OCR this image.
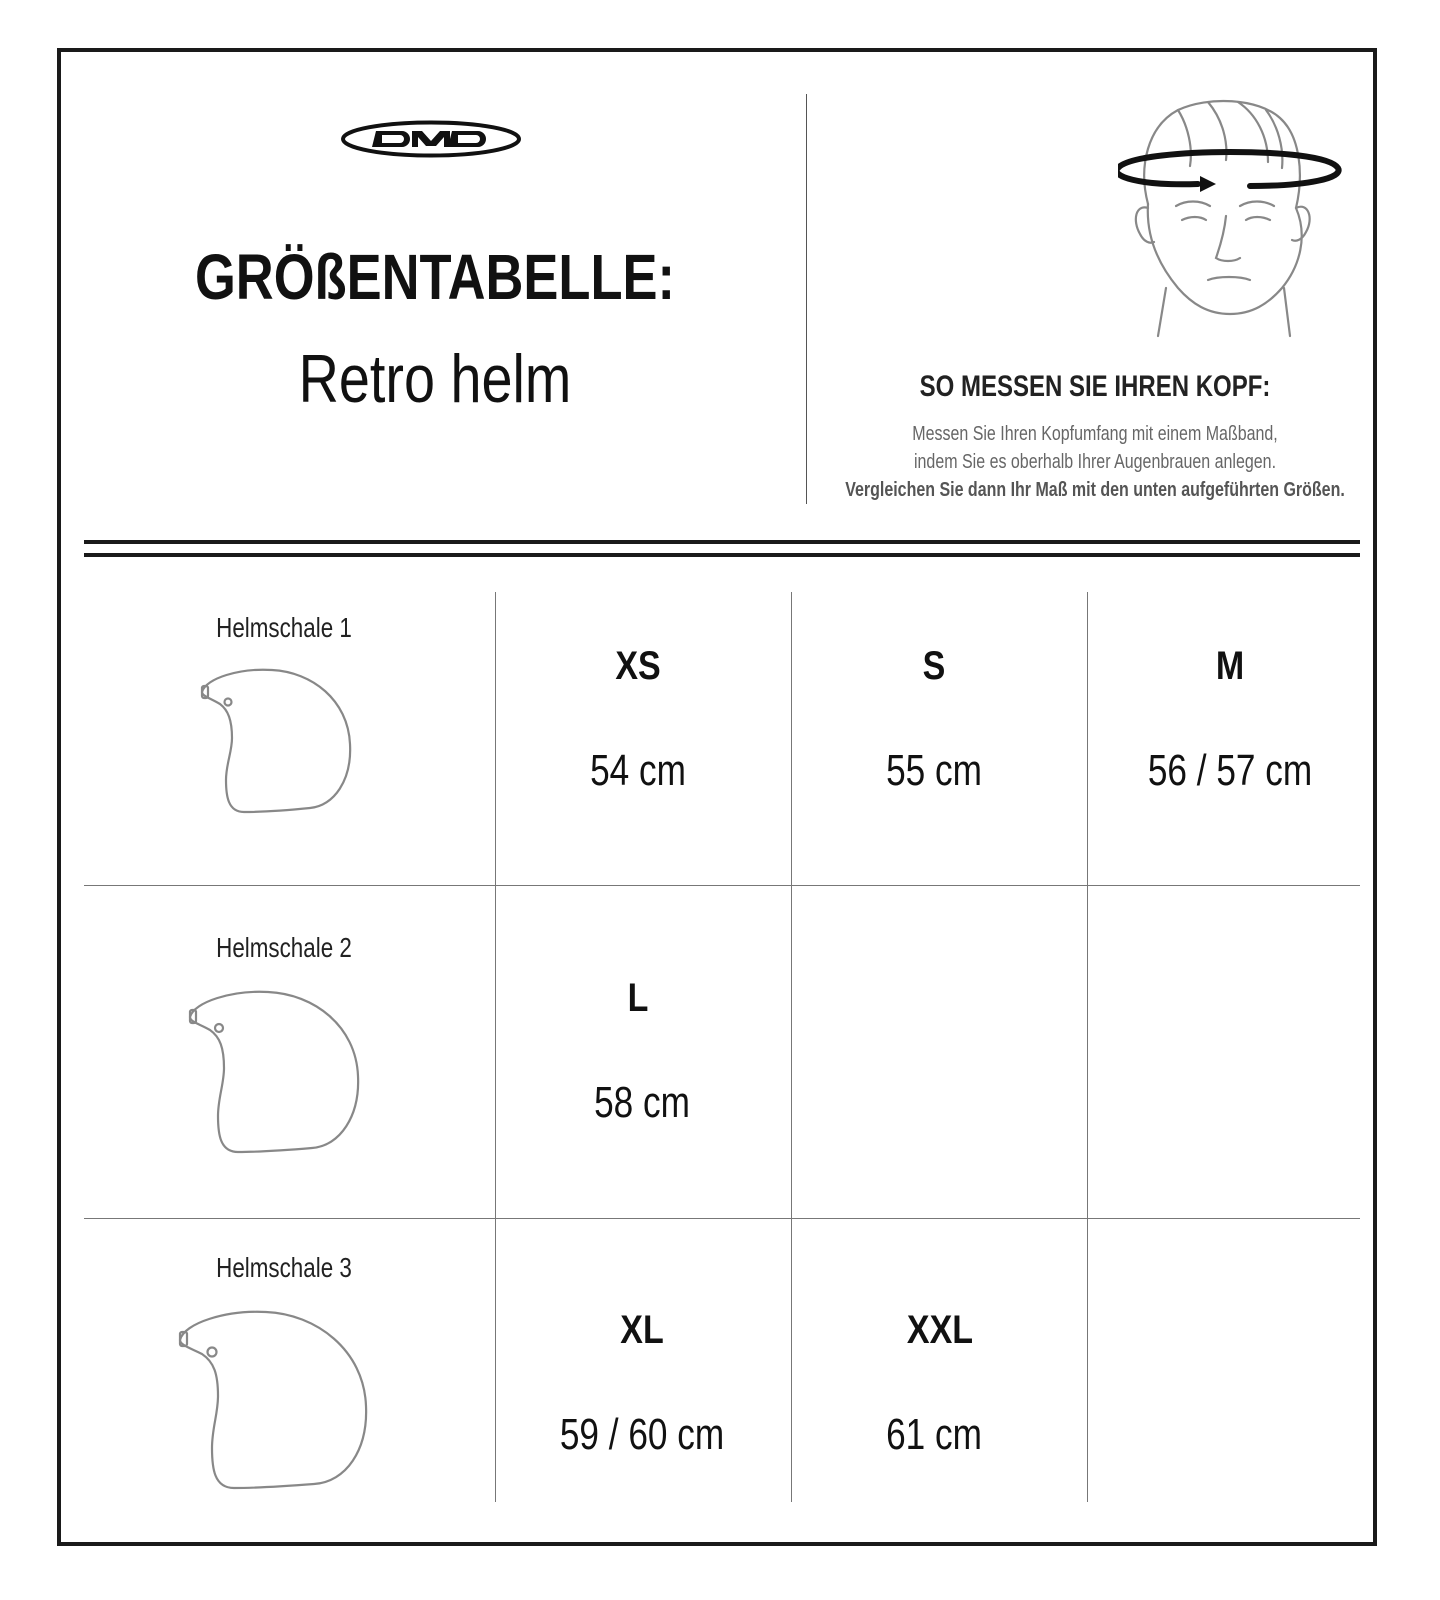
GRÖßENTABELLE:
Retro helm	SO MESSEN SIE IHREN KOPF:
Messen Sie Ihren Kopfumfang mit einem Maßband,
indem Sie es oberhalb Ihrer Augenbrauen anlegen.
Vergleichen Sie dann Ihr Maß mit den unten aufgeführten Größen.
Helmschale 1
XS
54 cm
S
55 cm
M
56 / 57 cm
Helmschale 2
L
58 cm
Helmschale 3
XL
59 / 60 cm
XXL
61 cm
